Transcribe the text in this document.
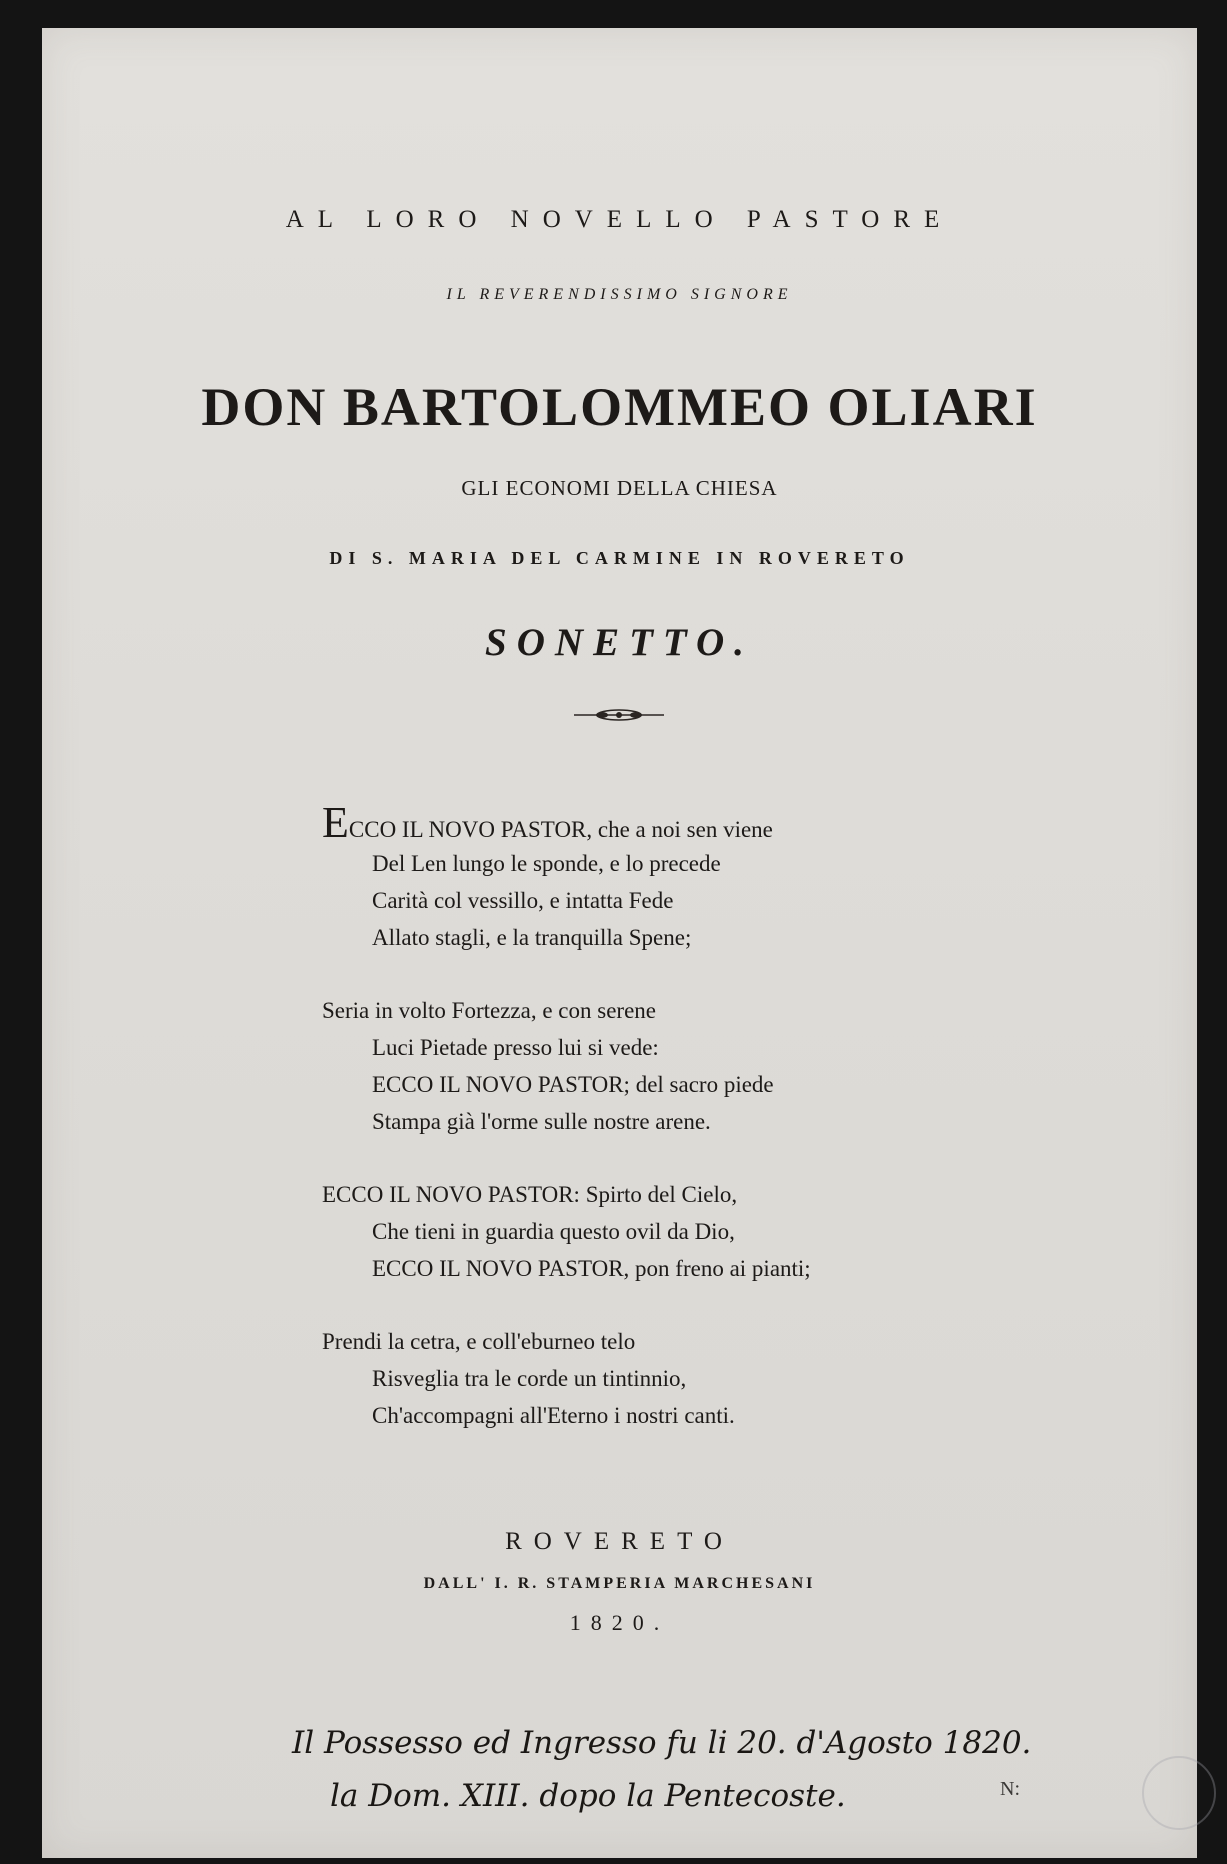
AL LORO NOVELLO PASTORE
IL REVERENDISSIMO SIGNORE
DON BARTOLOMMEO OLIARI
GLI ECONOMI DELLA CHIESA
DI S. MARIA DEL CARMINE IN ROVERETO
SONETTO.
ECCO IL NOVO PASTOR, che a noi sen viene
Del Len lungo le sponde, e lo precede
Carità col vessillo, e intatta Fede
Allato stagli, e la tranquilla Spene;
Seria in volto Fortezza, e con serene
Luci Pietade presso lui si vede:
ECCO IL NOVO PASTOR; del sacro piede
Stampa già l'orme sulle nostre arene.
ECCO IL NOVO PASTOR: Spirto del Cielo,
Che tieni in guardia questo ovil da Dio,
ECCO IL NOVO PASTOR, pon freno ai pianti;
Prendi la cetra, e coll'eburneo telo
Risveglia tra le corde un tintinnio,
Ch'accompagni all'Eterno i nostri canti.
ROVERETO
DALL' I. R. STAMPERIA MARCHESANI
1820.
Il Possesso ed Ingresso fu li 20. d'Agosto 1820.
la Dom. XIII. dopo la Pentecoste.	N:
